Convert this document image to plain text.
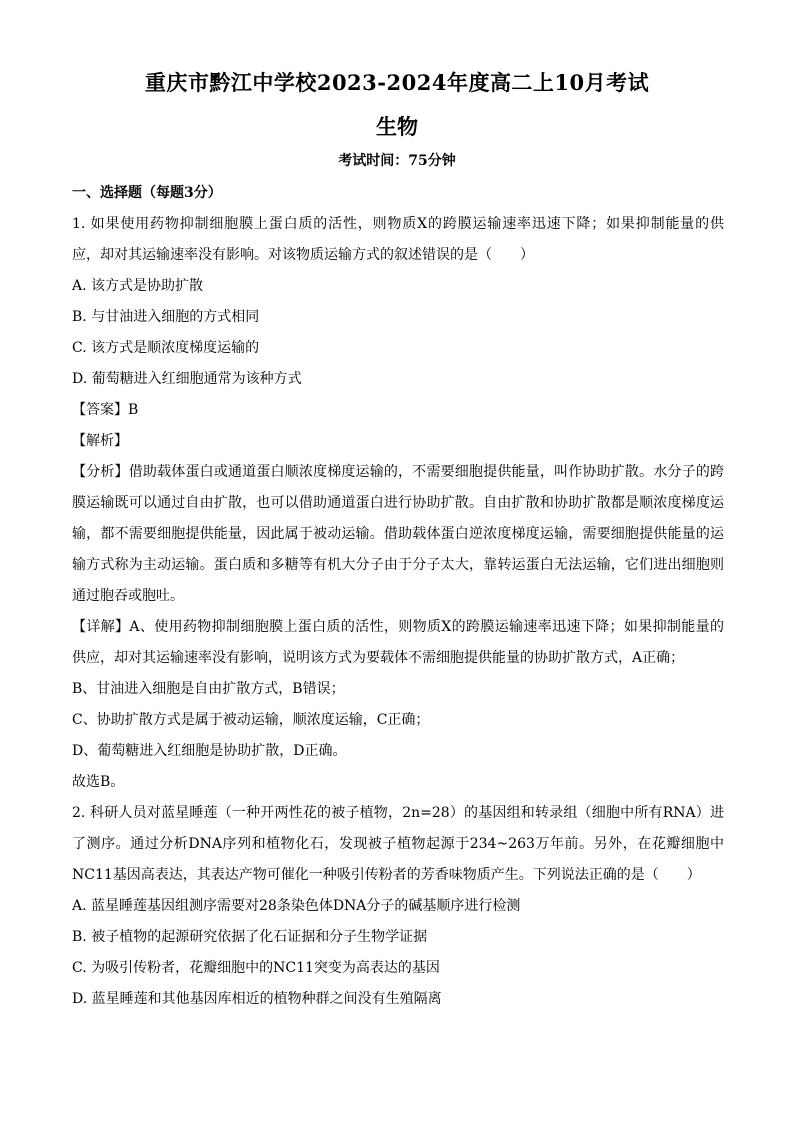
重庆市黔江中学校2023-2024年度高二上10月考试
生物
考试时间：75分钟
一、选择题（每题3分）
1. 如果使用药物抑制细胞膜上蛋白质的活性，则物质X的跨膜运输速率迅速下降；如果抑制能量的供
应，却对其运输速率没有影响。对该物质运输方式的叙述错误的是（　　）
A. 该方式是协助扩散
B. 与甘油进入细胞的方式相同
C. 该方式是顺浓度梯度运输的
D. 葡萄糖进入红细胞通常为该种方式
【答案】B
【解析】
【分析】借助载体蛋白或通道蛋白顺浓度梯度运输的，不需要细胞提供能量，叫作协助扩散。水分子的跨
膜运输既可以通过自由扩散，也可以借助通道蛋白进行协助扩散。自由扩散和协助扩散都是顺浓度梯度运
输，都不需要细胞提供能量，因此属于被动运输。借助载体蛋白逆浓度梯度运输，需要细胞提供能量的运
输方式称为主动运输。蛋白质和多糖等有机大分子由于分子太大，靠转运蛋白无法运输，它们进出细胞则
通过胞吞或胞吐。
【详解】A、使用药物抑制细胞膜上蛋白质的活性，则物质X的跨膜运输速率迅速下降；如果抑制能量的
供应，却对其运输速率没有影响，说明该方式为要载体不需细胞提供能量的协助扩散方式，A正确；
B、甘油进入细胞是自由扩散方式，B错误；
C、协助扩散方式是属于被动运输，顺浓度运输，C正确；
D、葡萄糖进入红细胞是协助扩散，D正确。
故选B。
2. 科研人员对蓝星睡莲（一种开两性花的被子植物，2n=28）的基因组和转录组（细胞中所有RNA）进
了测序。通过分析DNA序列和植物化石，发现被子植物起源于234~263万年前。另外，在花瓣细胞中
NC11基因高表达，其表达产物可催化一种吸引传粉者的芳香味物质产生。下列说法正确的是（　　）
A. 蓝星睡莲基因组测序需要对28条染色体DNA分子的碱基顺序进行检测
B. 被子植物的起源研究依据了化石证据和分子生物学证据
C. 为吸引传粉者，花瓣细胞中的NC11突变为高表达的基因
D. 蓝星睡莲和其他基因库相近的植物种群之间没有生殖隔离
